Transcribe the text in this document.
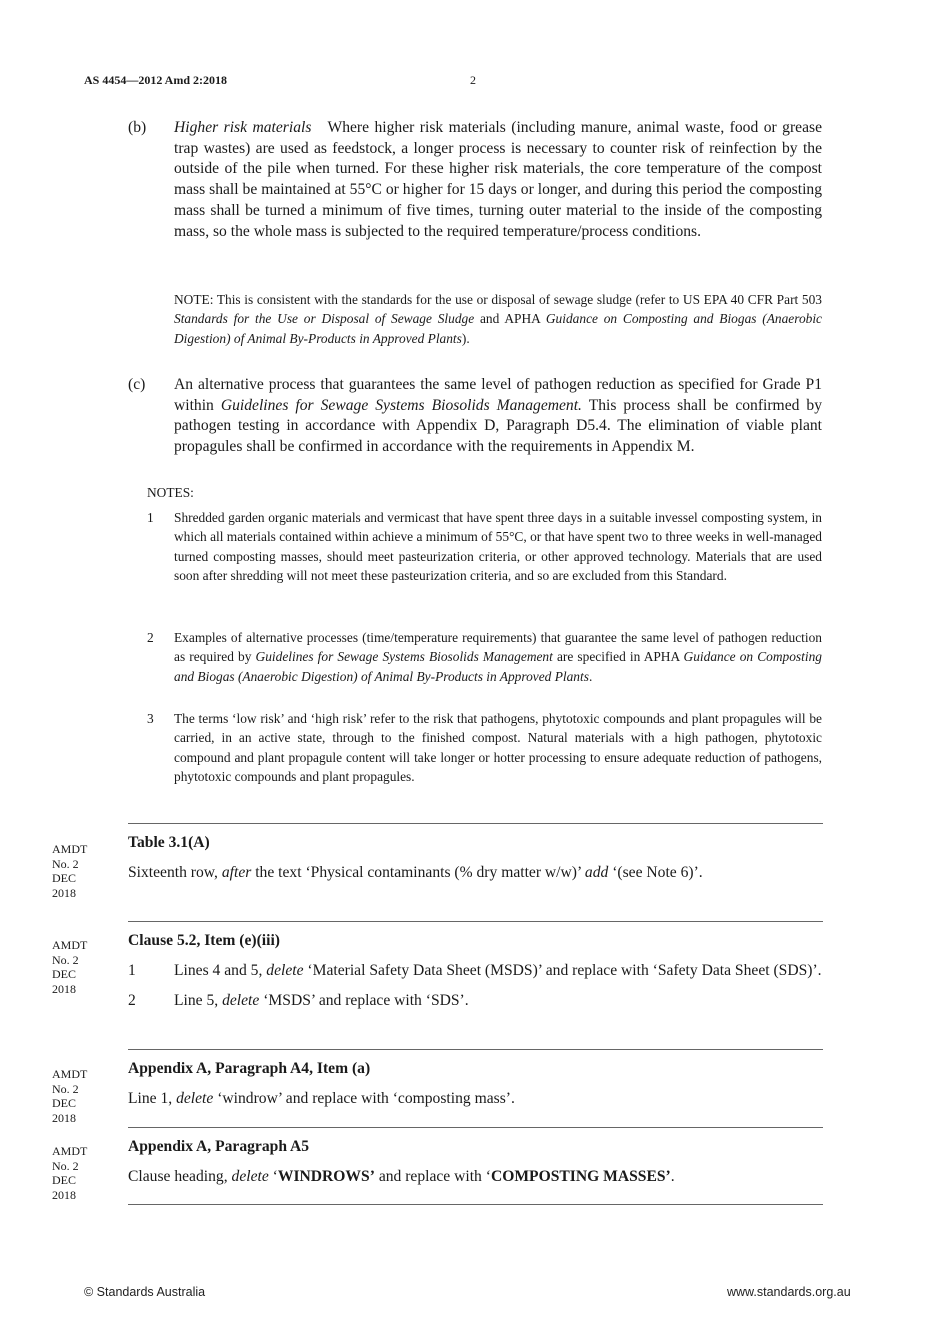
AS 4454—2012 Amd 2:2018	2
(b) Higher risk materials Where higher risk materials (including manure, animal waste, food or grease trap wastes) are used as feedstock, a longer process is necessary to counter risk of reinfection by the outside of the pile when turned. For these higher risk materials, the core temperature of the compost mass shall be maintained at 55°C or higher for 15 days or longer, and during this period the composting mass shall be turned a minimum of five times, turning outer material to the inside of the composting mass, so the whole mass is subjected to the required temperature/process conditions.
NOTE: This is consistent with the standards for the use or disposal of sewage sludge (refer to US EPA 40 CFR Part 503 Standards for the Use or Disposal of Sewage Sludge and APHA Guidance on Composting and Biogas (Anaerobic Digestion) of Animal By-Products in Approved Plants).
(c) An alternative process that guarantees the same level of pathogen reduction as specified for Grade P1 within Guidelines for Sewage Systems Biosolids Management. This process shall be confirmed by pathogen testing in accordance with Appendix D, Paragraph D5.4. The elimination of viable plant propagules shall be confirmed in accordance with the requirements in Appendix M.
NOTES:
1 Shredded garden organic materials and vermicast that have spent three days in a suitable invessel composting system, in which all materials contained within achieve a minimum of 55°C, or that have spent two to three weeks in well-managed turned composting masses, should meet pasteurization criteria, or other approved technology. Materials that are used soon after shredding will not meet these pasteurization criteria, and so are excluded from this Standard.
2 Examples of alternative processes (time/temperature requirements) that guarantee the same level of pathogen reduction as required by Guidelines for Sewage Systems Biosolids Management are specified in APHA Guidance on Composting and Biogas (Anaerobic Digestion) of Animal By-Products in Approved Plants.
3 The terms ‘low risk’ and ‘high risk’ refer to the risk that pathogens, phytotoxic compounds and plant propagules will be carried, in an active state, through to the finished compost. Natural materials with a high pathogen, phytotoxic compound and plant propagule content will take longer or hotter processing to ensure adequate reduction of pathogens, phytotoxic compounds and plant propagules.
AMDT
No. 2
DEC
2018
Table 3.1(A)
Sixteenth row, after the text ‘Physical contaminants (% dry matter w/w)’ add ‘(see Note 6)’.
AMDT
No. 2
DEC
2018
Clause 5.2, Item (e)(iii)
1 Lines 4 and 5, delete ‘Material Safety Data Sheet (MSDS)’ and replace with ‘Safety Data Sheet (SDS)’.
2 Line 5, delete ‘MSDS’ and replace with ‘SDS’.
AMDT
No. 2
DEC
2018
Appendix A, Paragraph A4, Item (a)
Line 1, delete ‘windrow’ and replace with ‘composting mass’.
AMDT
No. 2
DEC
2018
Appendix A, Paragraph A5
Clause heading, delete ‘WINDROWS’ and replace with ‘COMPOSTING MASSES’.
© Standards Australia	www.standards.org.au
